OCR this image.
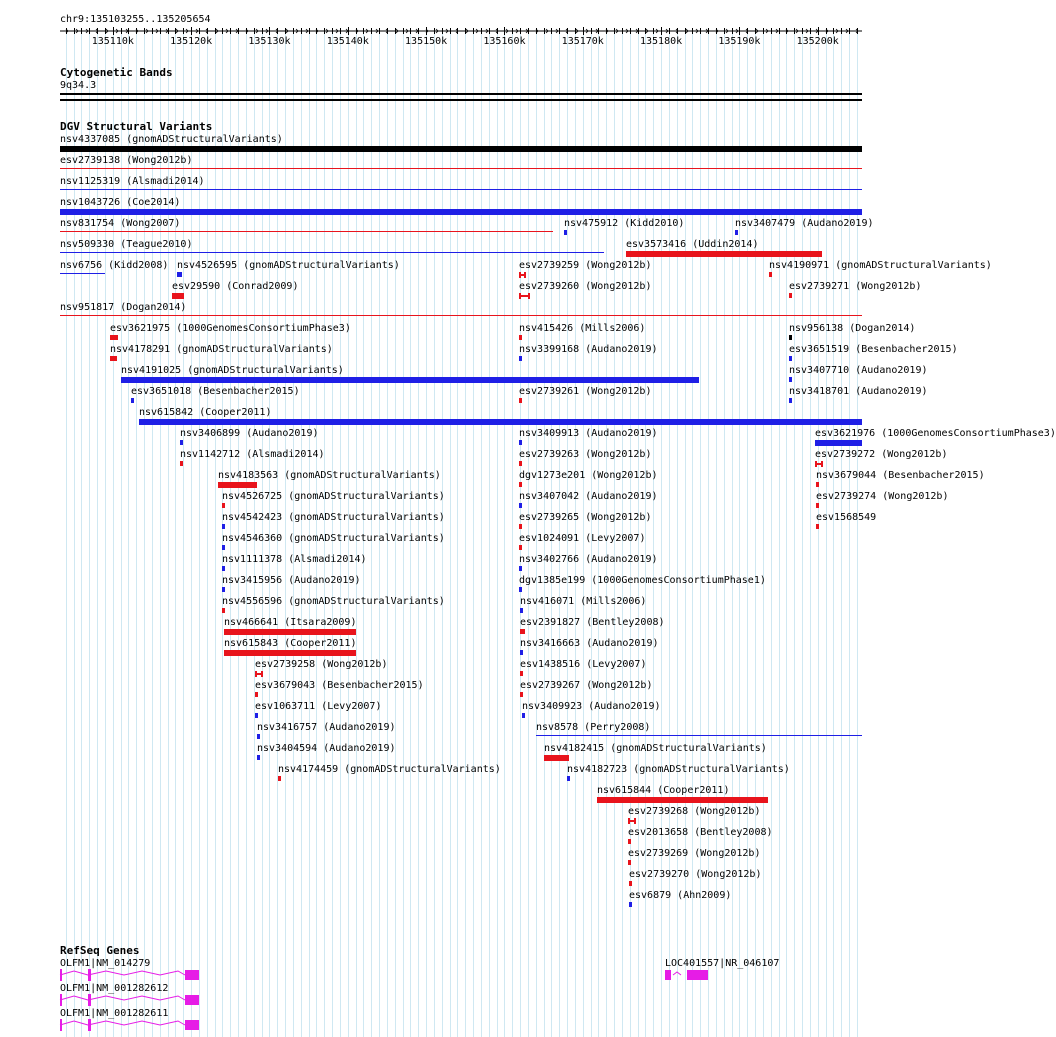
chr9:135103255..135205654
135110k	135120k	135130k	135140k	135150k	135160k	135170k	135180k	135190k	135200k
Cytogenetic Bands
9q34.3
DGV Structural Variants
nsv4337085 (gnomADStructuralVariants)
esv2739138 (Wong2012b)
nsv1125319 (Alsmadi2014)
nsv1043726 (Coe2014)
nsv831754 (Wong2007)	nsv475912 (Kidd2010)	nsv3407479 (Audano2019)
nsv509330 (Teague2010)	esv3573416 (Uddin2014)
nsv6756 (Kidd2008)
esv29590 (Conrad2009)
esv2739259 (Wong2012b)	nsv4190971 (gnomADStructuralVariants)
nsv951817 (Dogan2014)
esv3621975 (1000GenomesConsortiumPhase3)
esv2739260 (Wong2012b)	esv2739271 (Wong2012b)
nsv4178291 (gnomADStructuralVariants)
nsv415426 (Mills2006)	nsv956138 (Dogan2014)
nsv4191025 (gnomADStructuralVariants)
esv3651519 (Besenbacher2015)
esv3651018 (Besenbacher2015)
nsv3399168 (Audano2019)
nsv3407710 (Audano2019)
nsv615842 (Cooper2011)
nsv4526595 (gnomADStructuralVariants)
esv2739261 (Wong2012b)	nsv3418701 (Audano2019)
nsv3406899 (Audano2019)	nsv3409913 (Audano2019)	esv3621976 (1000GenomesConsortiumPhase3)
nsv1142712 (Alsmadi2014)	esv2739263 (Wong2012b)	esv2739272 (Wong2012b)
nsv4183563 (gnomADStructuralVariants)	dgv1273e201 (Wong2012b)	nsv3679044 (Besenbacher2015)
nsv4526725 (gnomADStructuralVariants)	nsv3407042 (Audano2019)	esv2739274 (Wong2012b)
nsv4542423 (gnomADStructuralVariants)	esv2739265 (Wong2012b)	esv1568549
nsv4546360 (gnomADStructuralVariants)	esv1024091 (Levy2007)
nsv1111378 (Alsmadi2014)	nsv3402766 (Audano2019)
nsv3415956 (Audano2019)	dgv1385e199 (1000GenomesConsortiumPhase1)
nsv4556596 (gnomADStructuralVariants)	nsv416071 (Mills2006)
nsv466641 (Itsara2009)	esv2391827 (Bentley2008)
nsv615843 (Cooper2011)	nsv3416663 (Audano2019)
esv2739258 (Wong2012b)	esv1438516 (Levy2007)
esv3679043 (Besenbacher2015)	esv2739267 (Wong2012b)
esv1063711 (Levy2007)	nsv3409923 (Audano2019)
nsv3416757 (Audano2019)	nsv8578 (Perry2008)
nsv3404594 (Audano2019)	nsv4182415 (gnomADStructuralVariants)
nsv4174459 (gnomADStructuralVariants)	nsv4182723 (gnomADStructuralVariants)
nsv615844 (Cooper2011)
esv2739268 (Wong2012b)
esv2013658 (Bentley2008)
esv2739269 (Wong2012b)
esv2739270 (Wong2012b)
esv6879 (Ahn2009)
RefSeq Genes
OLFM1|NM_014279
OLFM1|NM_001282612
OLFM1|NM_001282611
LOC401557|NR_046107
